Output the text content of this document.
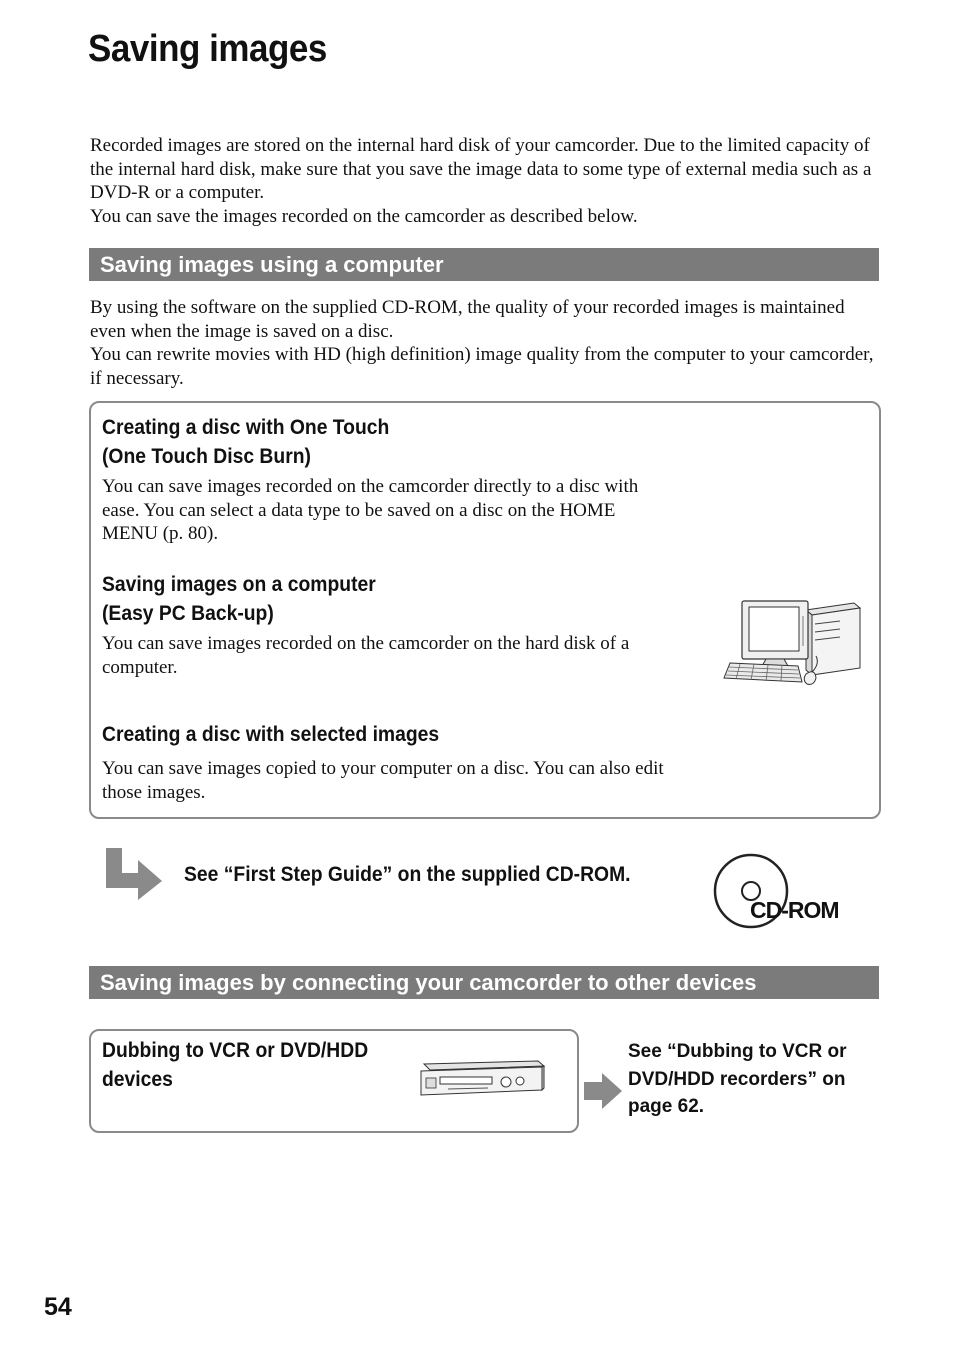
Saving images

Recorded images are stored on the internal hard disk of your camcorder. Due to the limited capacity of the internal hard disk, make sure that you save the image data to some type of external media such as a DVD-R or a computer.

You can save the images recorded on the camcorder as described below.

Saving images using a computer

By using the software on the supplied CD-ROM, the quality of your recorded images is maintained even when the image is saved on a disc.

You can rewrite movies with HD (high definition) image quality from the computer to your camcorder, if necessary.

Creating a disc with One Touch
(One Touch Disc Burn)

You can save images recorded on the camcorder directly to a disc with ease. You can select a data type to be saved on a disc on the HOME MENU (p. 80).

Saving images on a computer
(Easy PC Back-up)

You can save images recorded on the camcorder on the hard disk of a computer.

Creating a disc with selected images

You can save images copied to your computer on a disc. You can also edit those images.

See “First Step Guide” on the supplied CD-ROM.
CD-ROM
Saving images by connecting your camcorder to other devices
Dubbing to VCR or DVD/HDD
devices
See “Dubbing to VCR or DVD/HDD recorders” on page 62.
54
